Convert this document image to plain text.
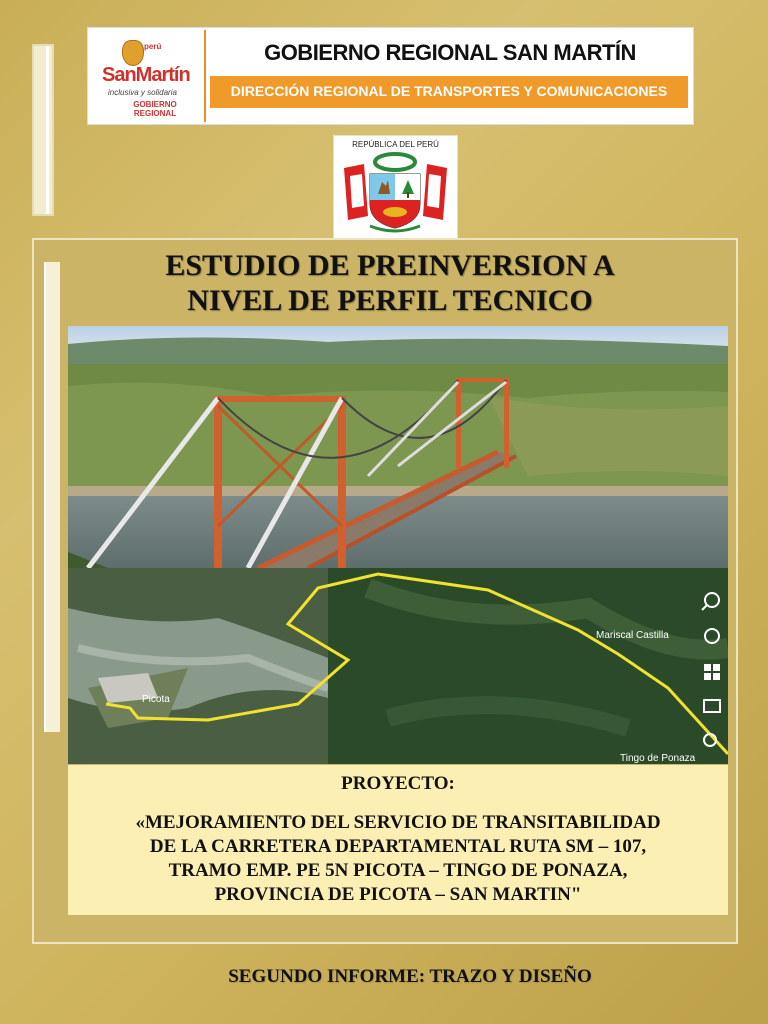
perú
SanMartín
inclusiva y solidaria
GOBIERNO REGIONAL
GOBIERNO REGIONAL SAN MARTÍN
DIRECCIÓN REGIONAL DE TRANSPORTES Y COMUNICACIONES
REPÚBLICA DEL PERÚ
ESTUDIO DE PREINVERSION A
NIVEL DE PERFIL TECNICO
Picota
Mariscal Castilla
Tingo de Ponaza
PROYECTO:
«MEJORAMIENTO DEL SERVICIO DE TRANSITABILIDAD
DE LA CARRETERA DEPARTAMENTAL RUTA SM – 107,
TRAMO EMP. PE 5N PICOTA – TINGO DE PONAZA,
PROVINCIA DE PICOTA – SAN MARTIN"
SEGUNDO INFORME: TRAZO Y DISEÑO
